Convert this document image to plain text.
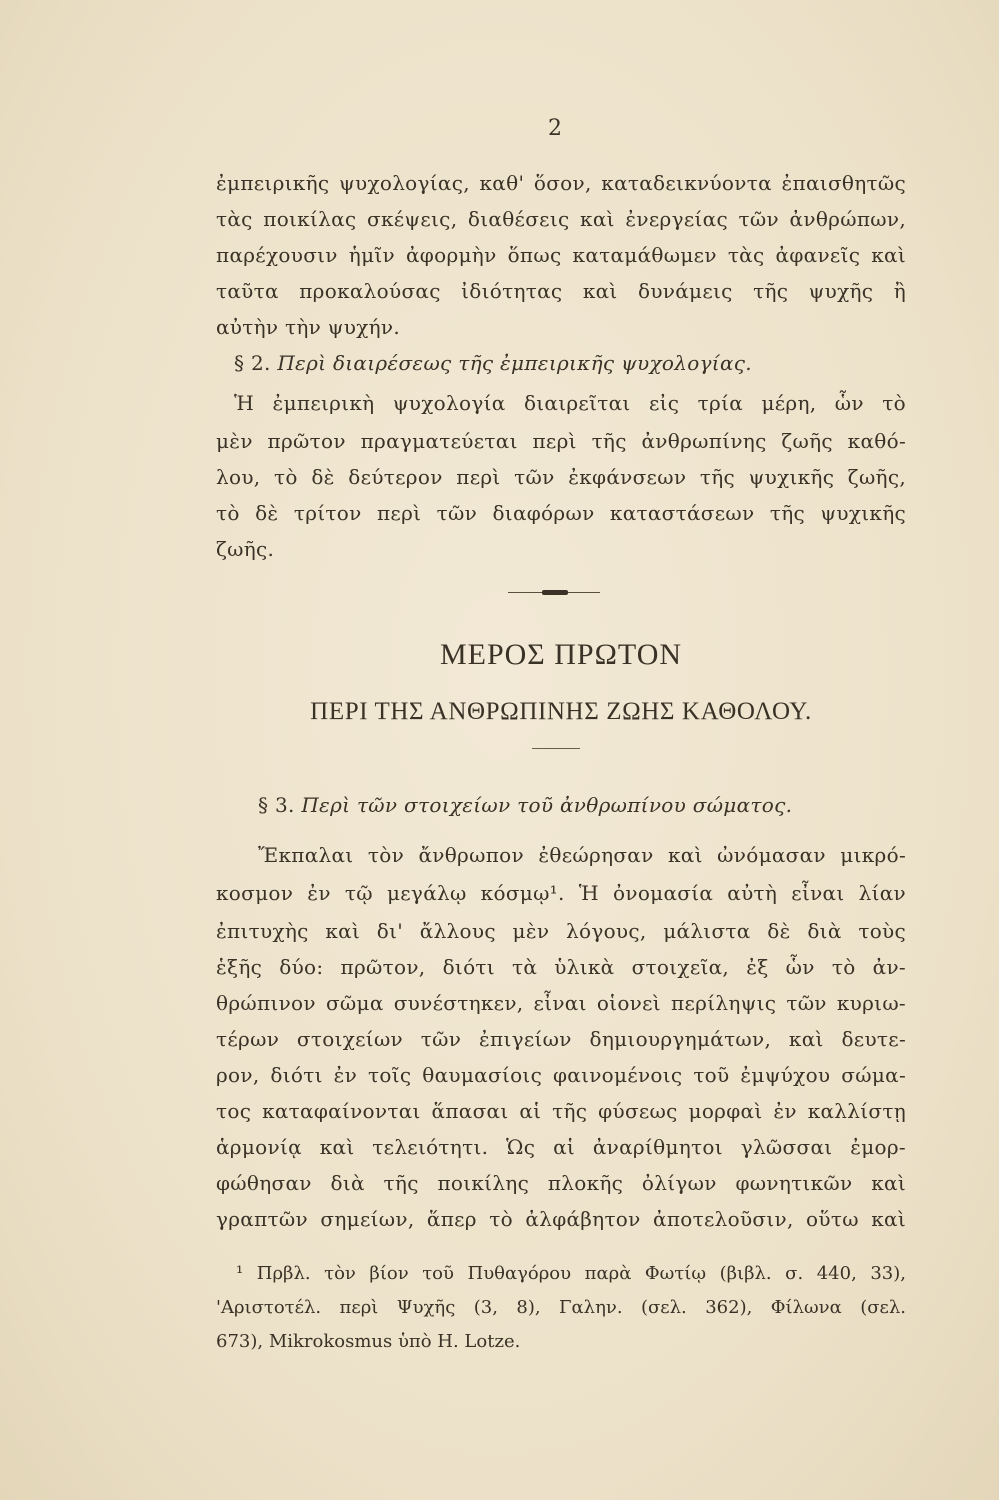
2
ἐμπειρικῆς ψυχολογίας, καθ' ὅσον, καταδεικνύοντα ἐπαισθητῶς
τὰς ποικίλας σκέψεις, διαθέσεις καὶ ἐνεργείας τῶν ἀνθρώπων,
παρέχουσιν ἡμῖν ἀφορμὴν ὅπως καταμάθωμεν τὰς ἀφανεῖς καὶ
ταῦτα προκαλούσας ἰδιότητας καὶ δυνάμεις τῆς ψυχῆς ἢ
αὐτὴν τὴν ψυχήν.
§ 2. Περὶ διαιρέσεως τῆς ἐμπειρικῆς ψυχολογίας.
Ἡ ἐμπειρικὴ ψυχολογία διαιρεῖται εἰς τρία μέρη, ὧν τὸ
μὲν πρῶτον πραγματεύεται περὶ τῆς ἀνθρωπίνης ζωῆς καθό-
λου, τὸ δὲ δεύτερον περὶ τῶν ἐκφάνσεων τῆς ψυχικῆς ζωῆς,
τὸ δὲ τρίτον περὶ τῶν διαφόρων καταστάσεων τῆς ψυχικῆς
ζωῆς.
ΜΕΡΟΣ ΠΡΩΤΟΝ
ΠΕΡΙ ΤΗΣ ΑΝΘΡΩΠΙΝΗΣ ΖΩΗΣ ΚΑΘΟΛΟΥ.
§ 3. Περὶ τῶν στοιχείων τοῦ ἀνθρωπίνου σώματος.
Ἔκπαλαι τὸν ἄνθρωπον ἐθεώρησαν καὶ ὠνόμασαν μικρό-
κοσμον ἐν τῷ μεγάλῳ κόσμῳ¹. Ἡ ὀνομασία αὐτὴ εἶναι λίαν
ἐπιτυχὴς καὶ δι' ἄλλους μὲν λόγους, μάλιστα δὲ διὰ τοὺς
ἑξῆς δύο: πρῶτον, διότι τὰ ὑλικὰ στοιχεῖα, ἐξ ὧν τὸ ἀν-
θρώπινον σῶμα συνέστηκεν, εἶναι οἱονεὶ περίληψις τῶν κυριω-
τέρων στοιχείων τῶν ἐπιγείων δημιουργημάτων, καὶ δευτε-
ρον, διότι ἐν τοῖς θαυμασίοις φαινομένοις τοῦ ἐμψύχου σώμα-
τος καταφαίνονται ἅπασαι αἱ τῆς φύσεως μορφαὶ ἐν καλλίστῃ
ἁρμονίᾳ καὶ τελειότητι. Ὡς αἱ ἀναρίθμητοι γλῶσσαι ἐμορ-
φώθησαν διὰ τῆς ποικίλης πλοκῆς ὀλίγων φωνητικῶν καὶ
γραπτῶν σημείων, ἅπερ τὸ ἀλφάβητον ἀποτελοῦσιν, οὕτω καὶ
¹ Πρβλ. τὸν βίον τοῦ Πυθαγόρου παρὰ Φωτίῳ (βιβλ. σ. 440, 33),
'Αριστοτέλ. περὶ Ψυχῆς (3, 8), Γαλην. (σελ. 362), Φίλωνα (σελ.
673), Mikrokosmus ὑπὸ Η. Lotze.
